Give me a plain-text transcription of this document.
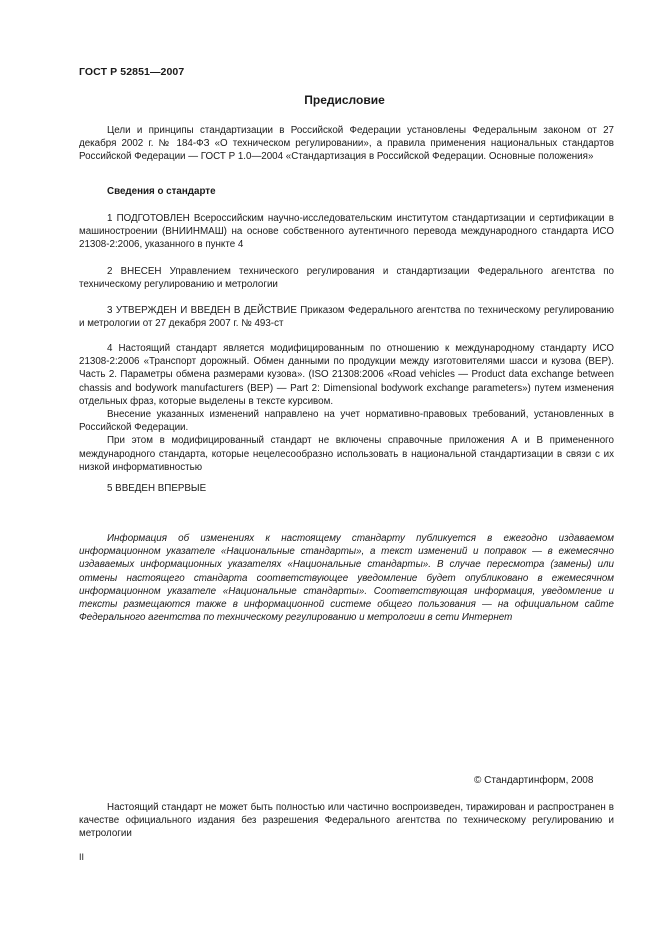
ГОСТ Р 52851—2007
Предисловие

Цели и принципы стандартизации в Российской Федерации установлены Федеральным законом от 27 декабря 2002 г. № 184-ФЗ «О техническом регулировании», а правила применения национальных стандартов Российской Федерации — ГОСТ Р 1.0—2004 «Стандартизация в Российской Федерации. Основные положения»

Сведения о стандарте

1 ПОДГОТОВЛЕН Всероссийским научно-исследовательским институтом стандартизации и сертификации в машиностроении (ВНИИНМАШ) на основе собственного аутентичного перевода международного стандарта ИСО 21308-2:2006, указанного в пункте 4

2 ВНЕСЕН Управлением технического регулирования и стандартизации Федерального агентства по техническому регулированию и метрологии

3 УТВЕРЖДЕН И ВВЕДЕН В ДЕЙСТВИЕ Приказом Федерального агентства по техническому регулированию и метрологии от 27 декабря 2007 г. № 493-ст

4 Настоящий стандарт является модифицированным по отношению к международному стандарту ИСО 21308-2:2006 «Транспорт дорожный. Обмен данными по продукции между изготовителями шасси и кузова (BEP). Часть 2. Параметры обмена размерами кузова». (ISO 21308:2006 «Road vehicles — Product data exchange between chassis and bodywork manufacturers (BEP) — Part 2: Dimensional bodywork exchange parameters») путем изменения отдельных фраз, которые выделены в тексте курсивом.

Внесение указанных изменений направлено на учет нормативно-правовых требований, установленных в Российской Федерации.

При этом в модифицированный стандарт не включены справочные приложения А и В примененного международного стандарта, которые нецелесообразно использовать в национальной стандартизации в связи с их низкой информативностью

5 ВВЕДЕН ВПЕРВЫЕ

Информация об изменениях к настоящему стандарту публикуется в ежегодно издаваемом информационном указателе «Национальные стандарты», а текст изменений и поправок — в ежемесячно издаваемых информационных указателях «Национальные стандарты». В случае пересмотра (замены) или отмены настоящего стандарта соответствующее уведомление будет опубликовано в ежемесячном информационном указателе «Национальные стандарты». Соответствующая информация, уведомление и тексты размещаются также в информационной системе общего пользования — на официальном сайте Федерального агентства по техническому регулированию и метрологии в сети Интернет

© Стандартинформ, 2008

Настоящий стандарт не может быть полностью или частично воспроизведен, тиражирован и распространен в качестве официального издания без разрешения Федерального агентства по техническому регулированию и метрологии

II
